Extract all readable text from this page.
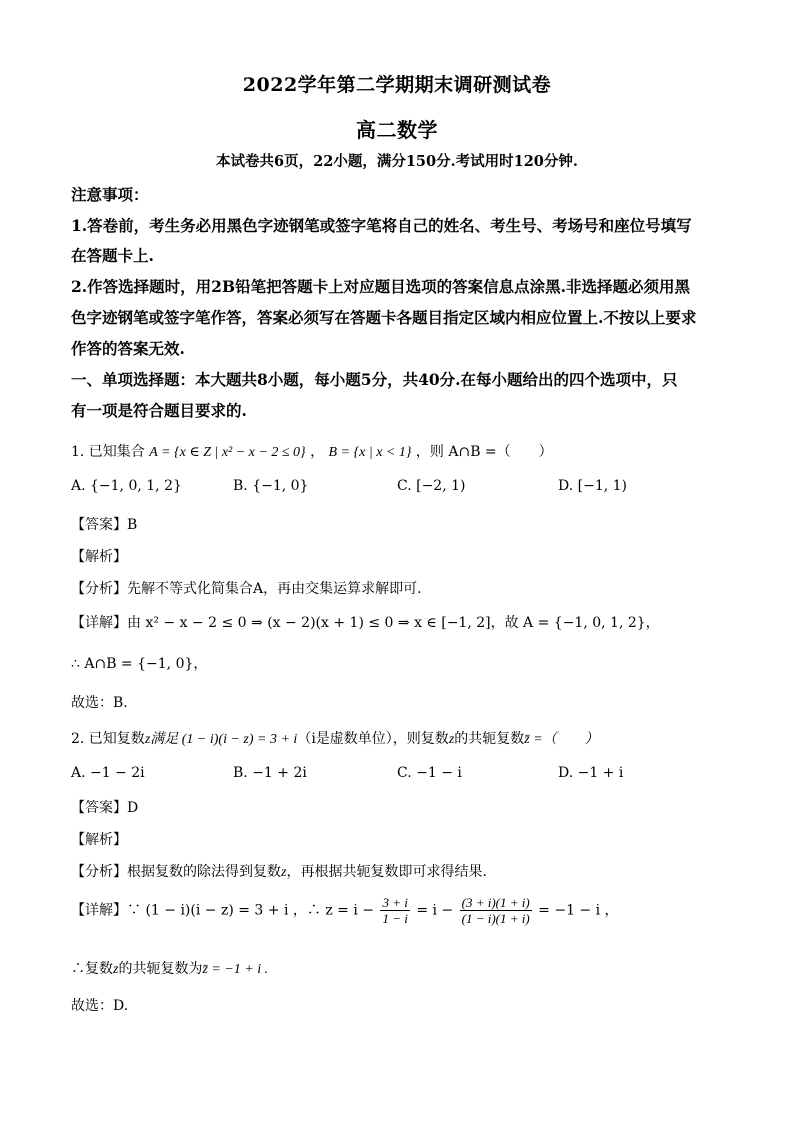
2022学年第二学期期末调研测试卷
高二数学
本试卷共6页，22小题，满分150分.考试用时120分钟.
注意事项：
1.答卷前，考生务必用黑色字迹钢笔或签字笔将自己的姓名、考生号、考场号和座位号填写
在答题卡上.
2.作答选择题时，用2B铅笔把答题卡上对应题目选项的答案信息点涂黑.非选择题必须用黑
色字迹钢笔或签字笔作答，答案必须写在答题卡各题目指定区域内相应位置上.不按以上要求
作答的答案无效.
一、单项选择题：本大题共8小题，每小题5分，共40分.在每小题给出的四个选项中，只
有一项是符合题目要求的.
1. 已知集合 A = {x ∈ Z | x² − x − 2 ≤ 0} ， B = {x | x < 1} ，则 A∩B =（　　）
A. {−1, 0, 1, 2}	B. {−1, 0}	C. [−2, 1)	D. [−1, 1)
【答案】B
【解析】
【分析】先解不等式化简集合A，再由交集运算求解即可.
【详解】由 x² − x − 2 ≤ 0 ⇒ (x − 2)(x + 1) ≤ 0 ⇒ x ∈ [−1, 2]，故 A = {−1, 0, 1, 2}，
∴ A∩B = {−1, 0}，
故选：B.
2. 已知复数z满足 (1 − i)(i − z) = 3 + i（i是虚数单位），则复数z的共轭复数z̄ =（　　）
A. −1 − 2i	B. −1 + 2i	C. −1 − i	D. −1 + i
【答案】D
【解析】
【分析】根据复数的除法得到复数z，再根据共轭复数即可求得结果.
【详解】∵ (1 − i)(i − z) = 3 + i ，∴ $z = i - \frac{3 + i}{1 - i} = i - \frac{(3 + i)(1 + i)}{(1 - i)(1 + i)} = -1 - i$ ，
∴复数z的共轭复数为z̄ = −1 + i .
故选：D.
